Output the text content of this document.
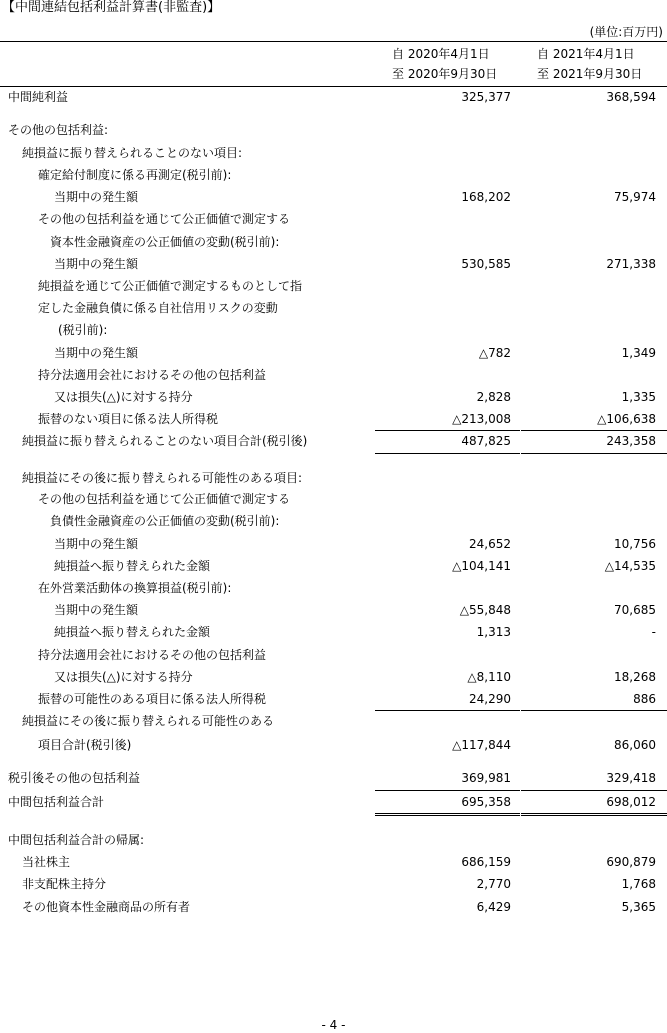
【中間連結包括利益計算書(非監査)】
(単位:百万円)
自 2020年4月1日
至 2020年9月30日
自 2021年4月1日
至 2021年9月30日
中間純利益	325,377	368,594
その他の包括利益:
純損益に振り替えられることのない項目:
確定給付制度に係る再測定(税引前):
当期中の発生額	168,202	75,974
その他の包括利益を通じて公正価値で測定する
資本性金融資産の公正価値の変動(税引前):
当期中の発生額	530,585	271,338
純損益を通じて公正価値で測定するものとして指
定した金融負債に係る自社信用リスクの変動
(税引前):
当期中の発生額	△782	1,349
持分法適用会社におけるその他の包括利益
又は損失(△)に対する持分	2,828	1,335
振替のない項目に係る法人所得税	△213,008	△106,638
純損益に振り替えられることのない項目合計(税引後)	487,825	243,358
純損益にその後に振り替えられる可能性のある項目:
その他の包括利益を通じて公正価値で測定する
負債性金融資産の公正価値の変動(税引前):
当期中の発生額	24,652	10,756
純損益へ振り替えられた金額	△104,141	△14,535
在外営業活動体の換算損益(税引前):
当期中の発生額	△55,848	70,685
純損益へ振り替えられた金額	1,313	-
持分法適用会社におけるその他の包括利益
又は損失(△)に対する持分	△8,110	18,268
振替の可能性のある項目に係る法人所得税	24,290	886
純損益にその後に振り替えられる可能性のある
項目合計(税引後)	△117,844	86,060
税引後その他の包括利益	369,981	329,418
中間包括利益合計	695,358	698,012
中間包括利益合計の帰属:
当社株主	686,159	690,879
非支配株主持分	2,770	1,768
その他資本性金融商品の所有者	6,429	5,365
- 4 -
